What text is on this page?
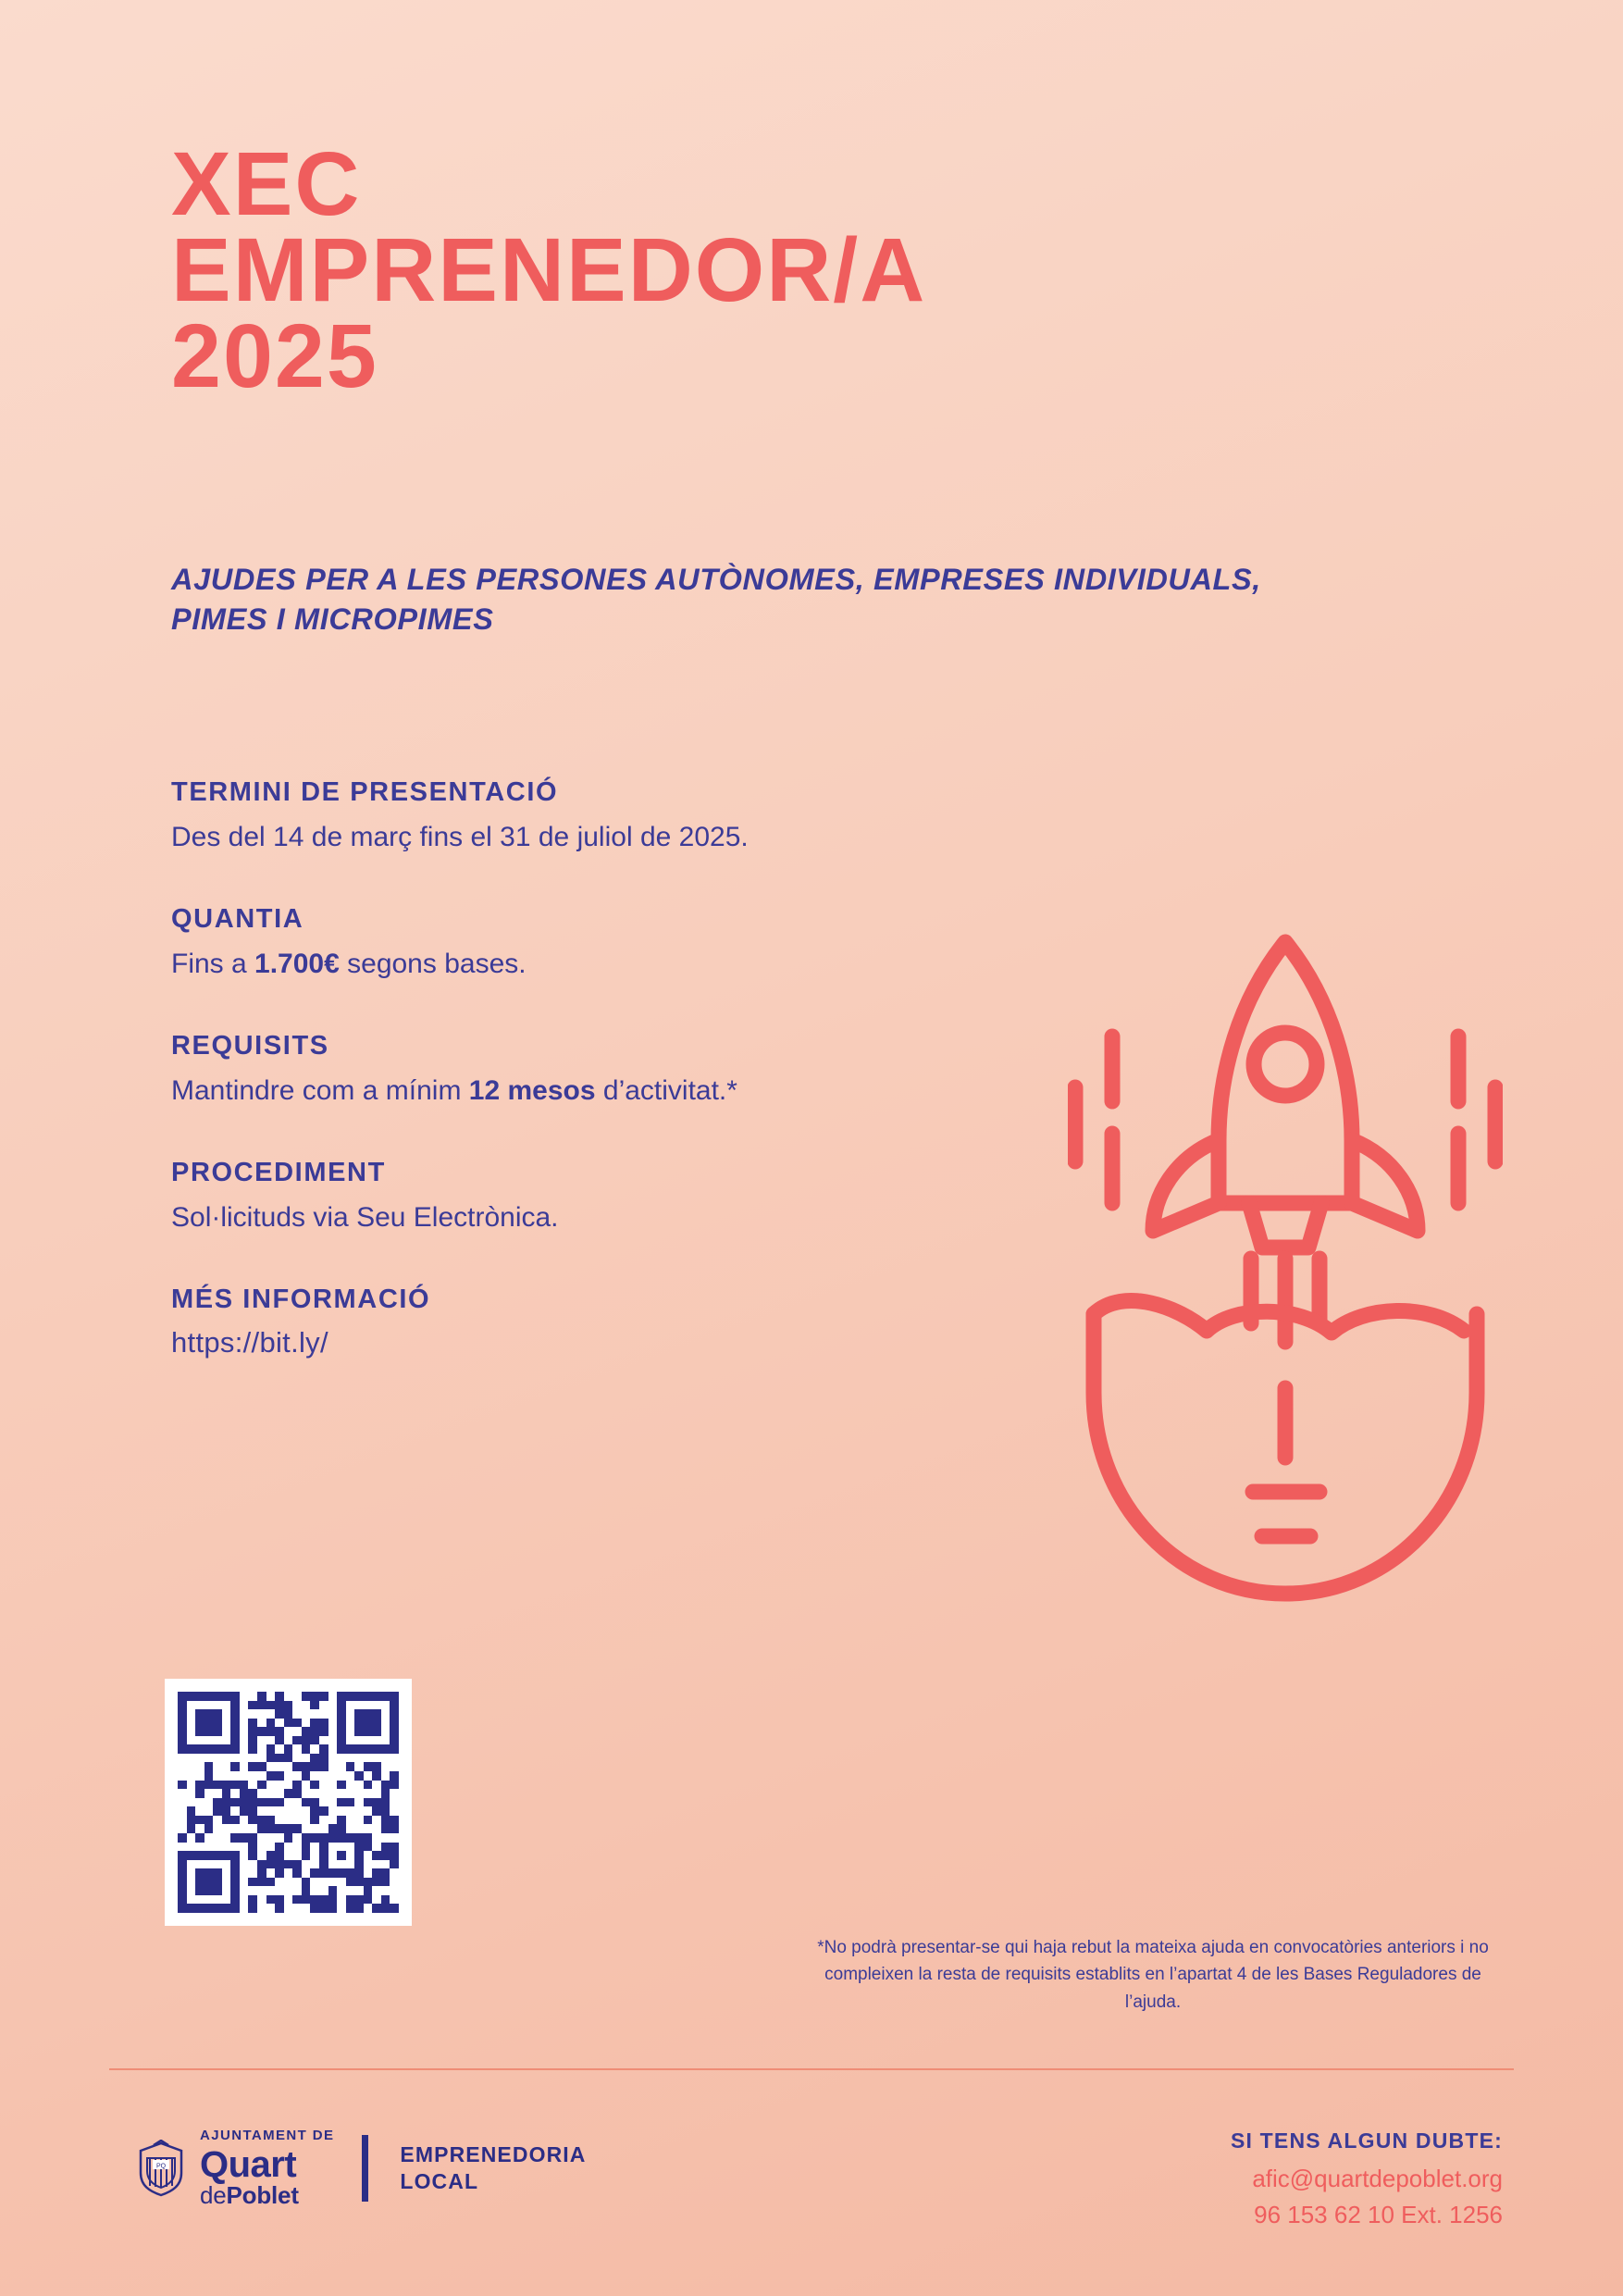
XEC
EMPRENEDOR/A
2025
AJUDES PER A LES PERSONES AUTÒNOMES, EMPRESES INDIVIDUALS, PIMES I MICROPIMES
TERMINI DE PRESENTACIÓ
Des del 14 de març fins el 31 de juliol de 2025.
QUANTIA
Fins a 1.700€ segons bases.
REQUISITS
Mantindre com a mínim 12 mesos d’activitat.*
PROCEDIMENT
Sol·licituds via Seu Electrònica.
MÉS INFORMACIÓ
https://bit.ly/
*No podrà presentar-se qui haja rebut la mateixa ajuda en convocatòries anteriors i no compleixen la resta de requisits establits en l’apartat 4 de les Bases Reguladores de l’ajuda.
PQ
AJUNTAMENT DE
Quart
dePoblet
EMPRENEDORIA
LOCAL
SI TENS ALGUN DUBTE:
afic@quartdepoblet.org
96 153 62 10 Ext. 1256
